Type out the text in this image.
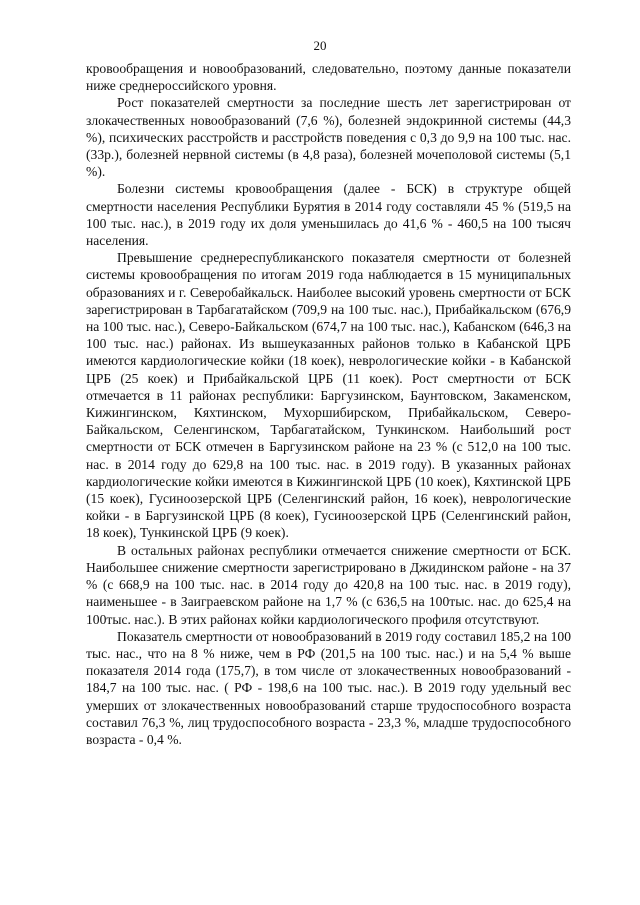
20

кровообращения и новообразований, следовательно, поэтому данные показатели ниже среднероссийского уровня.

Рост показателей смертности за последние шесть лет зарегистрирован от злокачественных новообразований (7,6 %), болезней эндокринной системы (44,3 %), психических расстройств и расстройств поведения с 0,3 до 9,9 на 100 тыс. нас. (33р.), болезней нервной системы (в 4,8 раза), болезней мочеполовой системы (5,1 %).

Болезни системы кровообращения (далее - БСК) в структуре общей смертности населения Республики Бурятия в 2014 году составляли 45 % (519,5 на 100 тыс. нас.), в 2019 году их доля уменьшилась до 41,6 % - 460,5 на 100 тысяч населения.

Превышение среднереспубликанского показателя смертности от болезней системы кровообращения по итогам 2019 года наблюдается в 15 муниципальных образованиях и г. Северобайкальск. Наиболее высокий уровень смертности от БСК зарегистрирован в Тарбагатайском (709,9 на 100 тыс. нас.), Прибайкальском (676,9 на 100 тыс. нас.), Северо-Байкальском (674,7 на 100 тыс. нас.), Кабанском (646,3 на 100 тыс. нас.) районах. Из вышеуказанных районов только в Кабанской ЦРБ имеются кардиологические койки (18 коек), неврологические койки - в Кабанской ЦРБ (25 коек) и Прибайкальской ЦРБ (11 коек). Рост смертности от БСК отмечается в 11 районах республики: Баргузинском, Баунтовском, Закаменском, Кижингинском, Кяхтинском, Мухоршибирском, Прибайкальском, Северо-Байкальском, Селенгинском, Тарбагатайском, Тункинском. Наибольший рост смертности от БСК отмечен в Баргузинском районе на 23 % (с 512,0 на 100 тыс. нас. в 2014 году до 629,8 на 100 тыс. нас. в 2019 году). В указанных районах кардиологические койки имеются в Кижингинской ЦРБ (10 коек), Кяхтинской ЦРБ (15 коек), Гусиноозерской ЦРБ (Селенгинский район, 16 коек), неврологические койки - в Баргузинской ЦРБ (8 коек), Гусиноозерской ЦРБ (Селенгинский район, 18 коек), Тункинской ЦРБ (9 коек).

В остальных районах республики отмечается снижение смертности от БСК. Наибольшее снижение смертности зарегистрировано в Джидинском районе - на 37 % (с 668,9 на 100 тыс. нас. в 2014 году до 420,8 на 100 тыс. нас. в 2019 году), наименьшее - в Заиграевском районе на 1,7 % (с 636,5 на 100тыс. нас. до 625,4 на 100тыс. нас.). В этих районах койки кардиологического профиля отсутствуют.

Показатель смертности от новообразований в 2019 году составил 185,2 на 100 тыс. нас., что на 8 % ниже, чем в РФ (201,5 на 100 тыс. нас.) и на 5,4 % выше показателя 2014 года (175,7), в том числе от злокачественных новообразований - 184,7 на 100 тыс. нас. ( РФ - 198,6 на 100 тыс. нас.). В 2019 году удельный вес умерших от злокачественных новообразований старше трудоспособного возраста составил 76,3 %, лиц трудоспособного возраста - 23,3 %, младше трудоспособного возраста - 0,4 %.
